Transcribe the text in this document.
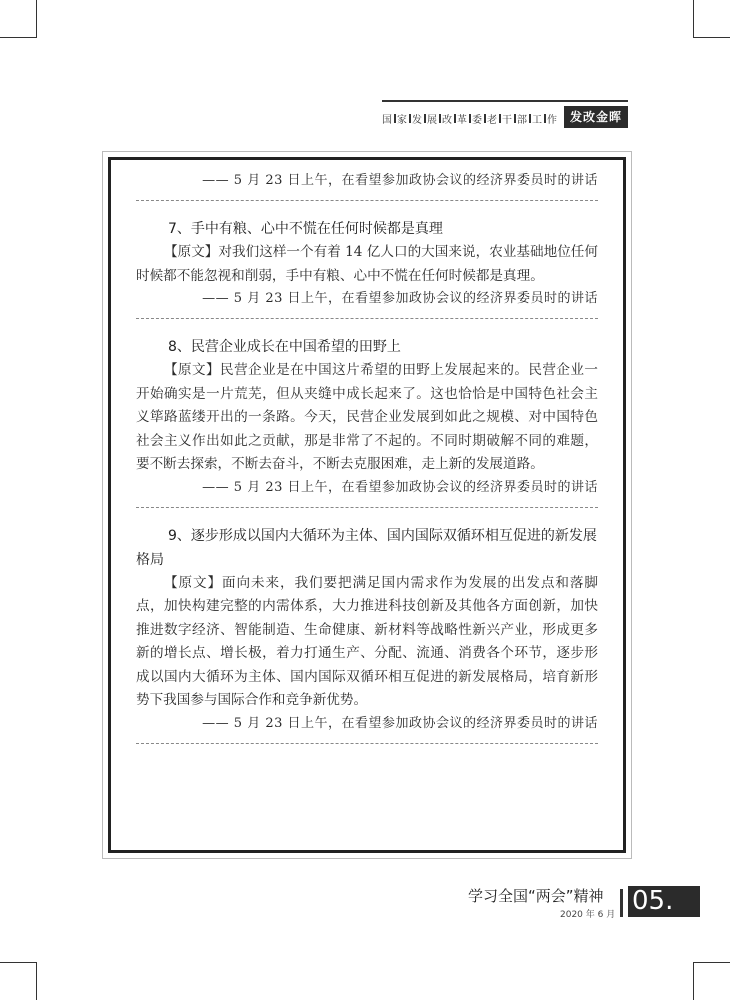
国 家 发 展 改 革 委 老 干 部 工 作	发改金晖
—— 5 月 23 日上午，在看望参加政协会议的经济界委员时的讲话
7、手中有粮、心中不慌在任何时候都是真理
【原文】对我们这样一个有着 14 亿人口的大国来说，农业基础地位任何时候都不能忽视和削弱，手中有粮、心中不慌在任何时候都是真理。
—— 5 月 23 日上午，在看望参加政协会议的经济界委员时的讲话
8、民营企业成长在中国希望的田野上
【原文】民营企业是在中国这片希望的田野上发展起来的。民营企业一开始确实是一片荒芜，但从夹缝中成长起来了。这也恰恰是中国特色社会主义筚路蓝缕开出的一条路。今天，民营企业发展到如此之规模、对中国特色社会主义作出如此之贡献，那是非常了不起的。不同时期破解不同的难题，要不断去探索，不断去奋斗，不断去克服困难，走上新的发展道路。
—— 5 月 23 日上午，在看望参加政协会议的经济界委员时的讲话
9、逐步形成以国内大循环为主体、国内国际双循环相互促进的新发展格局
【原文】面向未来，我们要把满足国内需求作为发展的出发点和落脚点，加快构建完整的内需体系，大力推进科技创新及其他各方面创新，加快推进数字经济、智能制造、生命健康、新材料等战略性新兴产业，形成更多新的增长点、增长极，着力打通生产、分配、流通、消费各个环节，逐步形成以国内大循环为主体、国内国际双循环相互促进的新发展格局，培育新形势下我国参与国际合作和竞争新优势。
—— 5 月 23 日上午，在看望参加政协会议的经济界委员时的讲话
学习全国“两会”精神
2020 年 6 月 05.
